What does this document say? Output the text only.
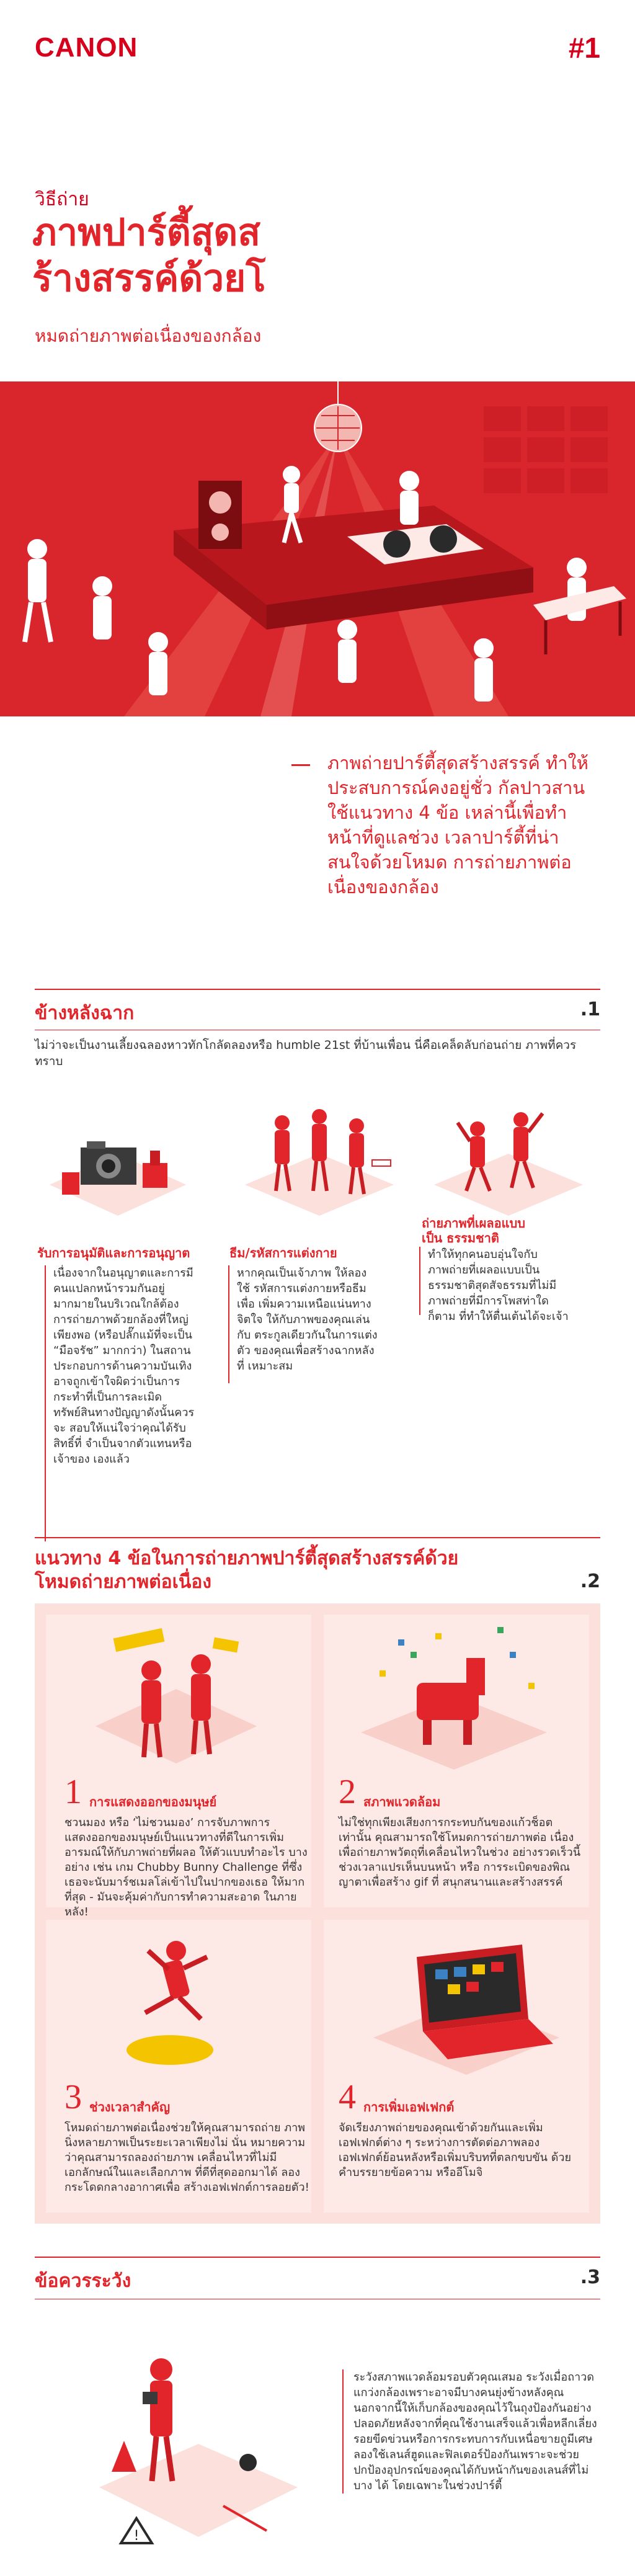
CANON	#1
วิธีถ่าย
ภาพปาร์ตี้สุดส
ร้างสรรค์ด้วยโ
หมดถ่ายภาพต่อเนื่องของกล้อง
ภาพถ่ายปาร์ตี้สุดสร้างสรรค์ ทำให้ประสบการณ์คงอยู่ชั่ว กัลปาวสานใช้แนวทาง 4 ข้อ เหล่านี้เพื่อทำหน้าที่ดูแลช่วง เวลาปาร์ตี้ที่น่าสนใจด้วยโหมด การถ่ายภาพต่อเนื่องของกล้อง
ข้างหลังฉาก	.1
ไม่ว่าจะเป็นงานเลี้ยงฉลองหาวทักโกลัดลองหรือ humble 21st ที่บ้านเพื่อน นี่คือเคล็ดลับก่อนถ่าย ภาพที่ควรทราบ
รับการอนุมัติและการอนุญาต
เนื่องจากในอนุญาตและการมี คนแปลกหน้ารวมกันอยู่ มากมายในบริเวณใกล้ต้อง การถ่ายภาพด้วยกล้องที่ใหญ่ เพียงพอ (หรือปลั๊กแม้ที่จะเป็น “มือจรัช” มากกว่า) ในสถาน ประกอบการด้านความบันเทิง อาจถูกเข้าใจผิดว่าเป็นการ กระทำที่เป็นการละเมิด ทรัพย์สินทางปัญญาดังนั้นควรจะ สอบให้แน่ใจว่าคุณได้รับสิทธิ์ที่ จำเป็นจากตัวแทนหรือเจ้าของ เองแล้ว
ธีม/รหัสการแต่งกาย
หากคุณเป็นเจ้าภาพ ให้ลองใช้ รหัสการแต่งกายหรือธีมเพื่อ เพิ่มความเหนือแน่นทางจิตใจ ให้กับภาพของคุณเล่นกับ ตระกูลเดียวกันในการแต่งตัว ของคุณเพื่อสร้างฉากหลังที่ เหมาะสม
ถ่ายภาพที่เผลอแบบเป็น ธรรมชาติ
ทำให้ทุกคนอบอุ่นใจกับ ภาพถ่ายที่เผลอแบบเป็น ธรรมชาติสุดสัจธรรมที่ไม่มี ภาพถ่ายที่มีการโพสท่าใดก็ตาม ที่ทำให้ตื่นเต้นได้จะเจ้า
แนวทาง 4 ข้อในการถ่ายภาพปาร์ตี้สุดสร้างสรรค์ด้วย
โหมดถ่ายภาพต่อเนื่อง	.2
1 การแสดงออกของมนุษย์
ชวนมอง หรือ ‘ไม่ชวนมอง’ การจับภาพการ แสดงออกของมนุษย์เป็นแนวทางที่ดีในการเพิ่ม อารมณ์ให้กับภาพถ่ายที่ผลอ ให้ตัวแบบทำอะไร บางอย่าง เช่น เกม Chubby Bunny Challenge ที่ซึ่งเธอจะนับมาร์ชเมลโล่เข้าไปในปากของเธอ ให้มากที่สุด - มันจะคุ้มค่ากับการทำความสะอาด ในภายหลัง!
2 สภาพแวดล้อม
ไม่ใช่ทุกเพียงเสียงการกระทบกันของแก้วช็อต เท่านั้น คุณสามารถใช้โหมดการถ่ายภาพต่อ เนื่องเพื่อถ่ายภาพวัตถุที่เคลื่อนไหวในช่วง อย่างรวดเร็วนี้ช่วงเวลาแปรเห็นบนหน้า หรือ การระเบิดของพิณญาตาเพื่อสร้าง gif ที่ สนุกสนานและสร้างสรรค์
3 ช่วงเวลาสำคัญ
โหมดถ่ายภาพต่อเนื่องช่วยให้คุณสามารถถ่าย ภาพนิ่งหลายภาพเป็นระยะเวลาเพียงไม่ นั่น หมายความว่าคุณสามารถลองถ่ายภาพ เคลื่อนไหวที่ไม่มีเอกลักษณ์ในและเลือกภาพ ที่ดีที่สุดออกมาได้ ลองกระโดดกลางอากาศเพื่อ สร้างเอฟเฟกต์การลอยตัว!
4 การเพิ่มเอฟเฟกต์
จัดเรียงภาพถ่ายของคุณเข้าด้วยกันและเพิ่ม เอฟเฟกต์ต่าง ๆ ระหว่างการตัดต่อภาพลอง เอฟเฟกต์ย้อนหลังหรือเพิ่มบริบทที่ตลกขบขัน ด้วยคำบรรยายข้อความ หรืออีโมจิ
ข้อควรระวัง	.3
!
ระวังสภาพแวดล้อมรอบตัวคุณเสมอ ระวังเมื่อถาวด แกว่งกล้องเพราะอาจมีบางคนยุ่งข้างหลังคุณ นอกจากนี้ให้เก็บกล้องของคุณไว้ในถุงป้องกันอย่าง ปลอดภัยหลังจากที่คุณใช้งานเสร็จแล้วเพื่อหลีกเลี่ยง รอยขีดข่วนหรือการกระทบการกับเหนื่อขายถูมีเศษ ลองใช้เลนส์ฮูดและฟิลเตอร์ป้องกันเพราะจะช่วย ปกป้องอุปกรณ์ของคุณได้กับหน้ากันของเลนส์ที่ไม่บาง ได้ โดยเฉพาะในช่วงปาร์ตี้
